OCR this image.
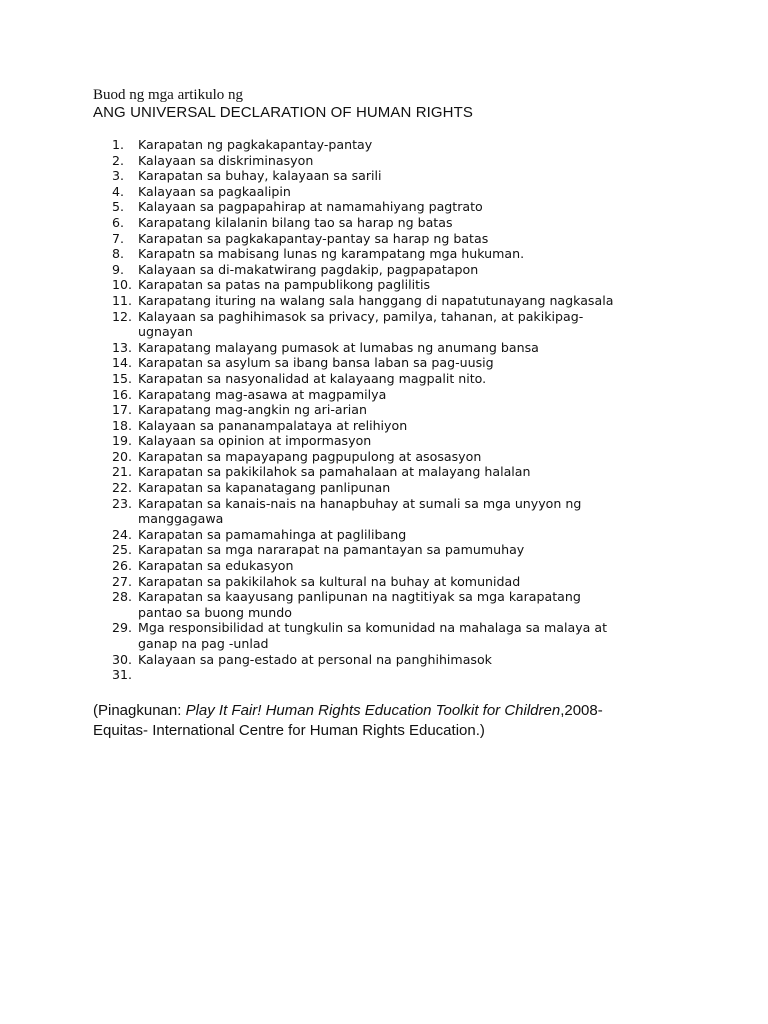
Buod ng mga artikulo ng
ANG UNIVERSAL DECLARATION OF HUMAN RIGHTS
1.	Karapatan ng pagkakapantay-pantay
2.	Kalayaan sa diskriminasyon
3.	Karapatan sa buhay, kalayaan sa sarili
4.	Kalayaan sa pagkaalipin
5.	Kalayaan sa pagpapahirap at namamahiyang pagtrato
6.	Karapatang kilalanin bilang tao sa harap ng batas
7.	Karapatan sa pagkakapantay-pantay sa harap ng batas
8.	Karapatn sa mabisang lunas ng karampatang mga hukuman.
9.	Kalayaan sa di-makatwirang pagdakip, pagpapatapon
10. Karapatan sa patas na pampublikong paglilitis
11. Karapatang ituring na walang sala hanggang di napatutunayang nagkasala
12. Kalayaan sa paghihimasok sa privacy, pamilya, tahanan, at pakikipag-
ugnayan
13. Karapatang malayang pumasok at lumabas ng anumang bansa
14. Karapatan sa asylum sa ibang bansa laban sa pag-uusig
15. Karapatan sa nasyonalidad at kalayaang magpalit nito.
16. Karapatang mag-asawa at magpamilya
17. Karapatang mag-angkin ng ari-arian
18. Kalayaan sa pananampalataya at relihiyon
19. Kalayaan sa opinion at impormasyon
20. Karapatan sa mapayapang pagpupulong at asosasyon
21. Karapatan sa pakikilahok sa pamahalaan at malayang halalan
22. Karapatan sa kapanatagang panlipunan
23. Karapatan sa kanais-nais na hanapbuhay at sumali sa mga unyyon ng
manggagawa
24. Karapatan sa pamamahinga at paglilibang
25. Karapatan sa mga nararapat na pamantayan sa pamumuhay
26. Karapatan sa edukasyon
27. Karapatan sa pakikilahok sa kultural na buhay at komunidad
28. Karapatan sa kaayusang panlipunan na nagtitiyak sa mga karapatang
pantao sa buong mundo
29. Mga responsibilidad at tungkulin sa komunidad na mahalaga sa malaya at
ganap na pag -unlad
30. Kalayaan sa pang-estado at personal na panghihimasok
31.
(Pinagkunan: Play It Fair! Human Rights Education Toolkit for Children,2008-
Equitas- International Centre for Human Rights Education.)
